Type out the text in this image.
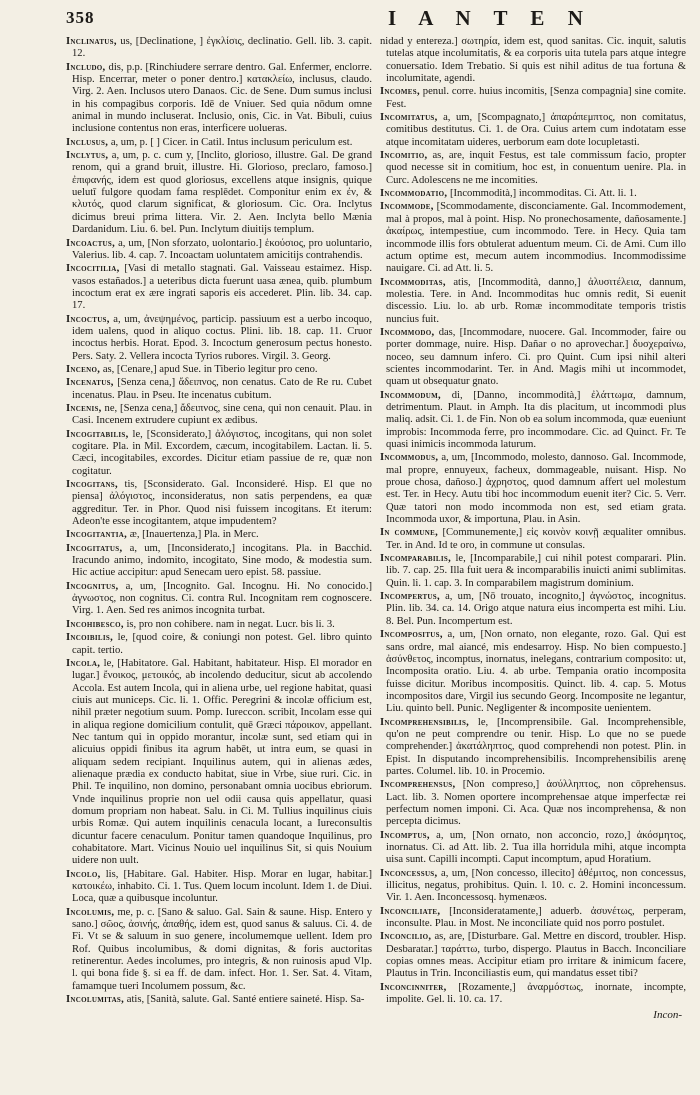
358	I A N T E N

Inclinatus, us, [Declinatione, ] ἐγκλίσις, declinatio. Gell. lib. 3. capit. 12.

Includo, dis, p.p. [Rinchiudere serrare dentro. Gal. Enfermer, enclorre. Hisp. Encerrar, meter o poner dentro.] κατακλείω, inclusus, claudo. Virg. 2. Aen. Inclusos utero Danaos. Cic. de Sene. Dum sumus inclusi in his compagibus corporis. Idē de Vniuer. Sed quia nōdum omne animal in mundo incluserat. Inclusio, onis, Cic. in Vat. Bibuli, cuius inclusione contentus non eras, interficere uolueras.

Inclusus, a, um, p. [ ] Cicer. in Catil. Intus inclusum periculum est.

Inclytus, a, um, p. c. cum y, [Inclito, glorioso, illustre. Gal. De grand renom, qui a grand bruit, illustre. Hi. Glorioso, preclaro, famoso.] ἐπιφανής, idem est quod gloriosus, excellens atque insignis, quique uelutī fulgore quodam fama resplēdet. Componitur enim ex ἐν, & κλυτός, quod clarum significat, & gloriosum. Cic. Ora. Inclytus dicimus breui prima littera. Vir. 2. Aen. Inclyta bello Mænia Dardanidum. Liu. 6. bel. Pun. Inclytum diuitijs templum.

Incoactus, a, um, [Non sforzato, uolontario.] ἑκούσιος, pro uoluntario, Valerius. lib. 4. cap. 7. Incoactam uoluntatem amicitijs contrahendis.

Incocitilia, [Vasi di metallo stagnati. Gal. Vaisseau estaimez. Hisp. vasos estañados.] a ueteribus dicta fuerunt uasa ænea, quib. plumbum incoctum erat ex ære ingrati saporis eis accederet. Plin. lib. 34. cap. 17.

Incoctus, a, um, ἀνεψημένος, particip. passiuum est a uerbo incoquo, idem ualens, quod in aliquo coctus. Plini. lib. 18. cap. 11. Cruor incoctus herbis. Horat. Epod. 3. Incoctum generosum pectus honesto. Pers. Saty. 2. Vellera incocta Tyrios rubores. Virgil. 3. Georg.

Inceno, as, [Cenare,] apud Sue. in Tiberio legitur pro ceno.

Incenatus, [Senza cena,] ἄδειπνος, non cenatus. Cato de Re ru. Cubet incenatus. Plau. in Pseu. Ite incenatus cubitum.

Incenis, ne, [Senza cena,] ἄδειπνος, sine cena, qui non cenauit. Plau. in Casi. Incenem extrudere cupiunt ex ædibus.

Incogitabilis, le, [Sconsiderato,] ἀλόγιστος, incogitans, qui non solet cogitare. Pla. in Mil. Excordem, cæcum, incogitabilem. Lactan. li. 5. Cæci, incogitabiles, excordes. Dicitur etiam passiue de re, quæ non cogitatur.

Incogitans, tis, [Sconsiderato. Gal. Inconsideré. Hisp. El que no piensa] ἀλόγιστος, inconsideratus, non satis perpendens, ea quæ aggreditur. Ter. in Phor. Quod nisi fuissem incogitans. Et iterum: Adeon'te esse incogitantem, atque impudentem?

Incogitantia, æ, [Inauertenza,] Pla. in Merc.

Incogitatus, a, um, [Inconsiderato,] incogitans. Pla. in Bacchid. Iracundo animo, indomito, incogitato, Sine modo, & modestia sum. Hic actiue accipitur: apud Senecam uero epist. 58. passiue.

Incognitus, a, um, [Incognito. Gal. Incognu. Hi. No conocido.] ἀγνωστος, non cognitus. Ci. contra Rul. Incognitam rem cognoscere. Virg. 1. Aen. Sed res animos incognita turbat.

Incohibesco, is, pro non cohibere. nam in negat. Lucr. bis li. 3.

Incoibilis, le, [quod coire, & coniungi non potest. Gel. libro quinto capit. tertio.

Incola, le, [Habitatore. Gal. Habitant, habitateur. Hisp. El morador en lugar.] ἔνοικος, μετοικός, ab incolendo deducitur, sicut ab accolendo Accola. Est autem Incola, qui in aliena urbe, uel regione habitat, quasi ciuis aut municeps. Cic. li. 1. Offic. Peregrini & incolæ officium est, nihil præter negotium suum. Pomp. Iureccon. scribit, Incolam esse qui in aliqua regione domicilium contulit, quē Græci πάροικον, appellant. Nec tantum qui in oppido morantur, incolæ sunt, sed etiam qui in alicuius oppidi finibus ita agrum habēt, ut intra eum, se quasi in aliquam sedem recipiant. Inquilinus autem, qui in alienas ædes, alienaque prædia ex conducto habitat, siue in Vrbe, siue ruri. Cic. in Phil. Te inquilino, non domino, personabant omnia uocibus ebriorum. Vnde inquilinus proprie non uel odii causa quis appellatur, quasi domum propriam non habeat. Salu. in Ci. M. Tullius inquilinus ciuis urbis Romæ. Qui autem inquilinis cenacula locant, a Iureconsultis dicuntur facere cenaculum. Ponitur tamen quandoque Inquilinus, pro cohabitatore. Mart. Vicinus Nouio uel inquilinus Sit, si quis Nouium uidere non uult.

Incolo, lis, [Habitare. Gal. Habiter. Hisp. Morar en lugar, habitar.] κατοικέω, inhabito. Ci. 1. Tus. Quem locum incolunt. Idem 1. de Diui. Loca, quæ a quibusque incoluntur.

Incolumis, me, p. c. [Sano & saluo. Gal. Sain & saune. Hisp. Entero y sano.] σῶος, ἀσινής, ἀπαθής, idem est, quod sanus & saluus. Ci. 4. de Fi. Vt se & saluum in suo genere, incolumemque uellent. Idem pro Rof. Quibus incolumibus, & domi dignitas, & foris auctoritas retinerentur. Aedes incolumes, pro integris, & non ruinosis apud Vlp. l. qui bona fide §. si ea ff. de dam. infect. Hor. 1. Ser. Sat. 4. Vitam, famamque tueri Incolumem possum, &c.

Incolumitas, atis, [Sanità, salute. Gal. Santé entiere saineté. Hisp. Sa-

nidad y entereza.] σωτηρία, idem est, quod sanitas. Cic. inquit, salutis tutelas atque incolumitatis, & ea corporis uita tutela pars atque integre conuersatio. Idem Trebatio. Si quis est nihil aditus de tua fortuna & incolumitate, agendi.

Incomes, penul. corre. huius incomitis, [Senza compagnia] sine comite. Fest.

Incomitatus, a, um, [Scompagnato,] ἀπαράπεμπτος, non comitatus, comitibus destitutus. Ci. 1. de Ora. Cuius artem cum indotatam esse atque incomitatam uideres, uerborum eam dote locupletasti.

Incomitio, as, are, inquit Festus, est tale commissum facio, propter quod necesse sit in comitium, hoc est, in conuentum uenire. Pla. in Curc. Adolescens ne me incomities.

Incommodatio, [Incommodità,] incommoditas. Ci. Att. li. 1.

Incommode, [Scommodamente, disconciamente. Gal. Incommodement, mal à propos, mal à point. Hisp. No pronechosamente, dañosamente.] ἀκαίρως, intempestiue, cum incommodo. Tere. in Hecy. Quia tam incommode illis fors obtulerat aduentum meum. Ci. de Ami. Cum illo actum optime est, mecum autem incommodius. Incommodissime nauigare. Ci. ad Att. li. 5.

Incommoditas, atis, [Incommodità, danno,] ἀλυσιτέλεια, dannum, molestia. Tere. in And. Incommoditas huc omnis redit, Si euenit discessio. Liu. lo. ab urb. Romæ incommoditate temporis tristis nuncius fuit.

Incommodo, das, [Incommodare, nuocere. Gal. Incommoder, faire ou porter dommage, nuire. Hisp. Dañar o no aprovechar.] δυσχεραίνω, noceo, seu damnum infero. Ci. pro Quint. Cum ipsi nihil alteri scientes incommodarint. Ter. in And. Magis mihi ut incommodet, quam ut obsequatur gnato.

Incommodum, di, [Danno, incommodità,] ἐλάττωμα, damnum, detrimentum. Plaut. in Amph. Ita dis placitum, ut incommodi plus maliq. adsit. Ci. 1. de Fin. Non ob ea solum incommoda, quæ eueniunt improbis: Incommoda ferre, pro incommodare. Cic. ad Quinct. Fr. Te quasi inimicis incommoda laturum.

Incommodus, a, um, [Incommodo, molesto, dannoso. Gal. Incommode, mal propre, ennuyeux, facheux, dommageable, nuisant. Hisp. No proue chosa, dañoso.] ἀχρηστος, quod damnum affert uel molestum est. Ter. in Hecy. Autu tibi hoc incommodum euenit iter? Cic. 5. Verr. Quæ tatori non modo incommoda non est, sed etiam grata. Incommoda uxor, & importuna, Plau. in Asin.

In commune, [Communemente,] εἰς κοινὸν κοινῇ æqualiter omnibus. Ter. in And. Id te oro, in commune ut consulas.

Incomparabilis, le, [Incomparabile,] cui nihil potest comparari. Plin. lib. 7. cap. 25. Illa fuit uera & incomparabilis inuicti animi sublimitas. Quin. li. 1. cap. 3. In comparabilem magistrum dominium.

Incompertus, a, um, [Nō trouato, incognito,] ἀγνώστος, incognitus. Plin. lib. 34. ca. 14. Origo atque natura eius incomperta est mihi. Liu. 8. Bel. Pun. Incompertum est.

Incompositus, a, um, [Non ornato, non elegante, rozo. Gal. Qui est sans ordre, mal aiancé, mis endesarroy. Hisp. No bien compuesto.] ἀσύνθετος, incomptus, inornatus, inelegans, contrarium composito: ut, Incomposita oratio. Liu. 4. ab urbe. Tempania oratio incomposita fuisse dicitur. Moribus incompositis. Quinct. lib. 4. cap. 5. Motus incompositos dare, Virgil ius secundo Georg. Incomposite ne legantur, Liu. quinto bell. Punic. Negligenter & incomposite uenientem.

Incomprehensibilis, le, [Incomprensibile. Gal. Incomprehensible, qu'on ne peut comprendre ou tenir. Hisp. Lo que no se puede comprehender.] ἀκατάληπτος, quod comprehendi non potest. Plin. in Epist. In disputando incomprehensibilis. Incomprehensibilis arenę partes. Columel. lib. 10. in Procemio.

Incomprehensus, [Non compreso,] ἀσύλληπτος, non cōprehensus. Lact. lib. 3. Nomen oportere incomprehensae atque imperfectæ rei perfectum nomen imponi. Ci. Aca. Quæ nos incomprehensa, & non percepta dicimus.

Incomptus, a, um, [Non ornato, non acconcio, rozo,] ἀκόσμητος, inornatus. Ci. ad Att. lib. 2. Tua illa horridula mihi, atque incompta uisa sunt. Capilli incompti. Caput incomptum, apud Horatium.

Inconcessus, a, um, [Non concesso, illecito] ἀθέμιτος, non concessus, illicitus, negatus, prohibitus. Quin. l. 10. c. 2. Homini inconcessum. Vir. 1. Aen. Inconcessosq. hymenæos.

Inconciliate, [Inconsideratamente,] aduerb. ἀσυνέτως, perperam, inconsulte. Plau. in Most. Ne inconciliate quid nos porro postulet.

Inconcilio, as, are, [Disturbare. Gal. Mettre en discord, troubler. Hisp. Desbaratar.] ταράττω, turbo, dispergo. Plautus in Bacch. Inconciliare copias omnes meas. Accipitur etiam pro irritare & inimicum facere, Plautus in Trin. Inconciliastis eum, qui mandatus esset tibi?

Inconcinniter, [Rozamente,] ἀναρμόστως, inornate, incompte, impolite. Gel. li. 10. ca. 17.

Incon-
